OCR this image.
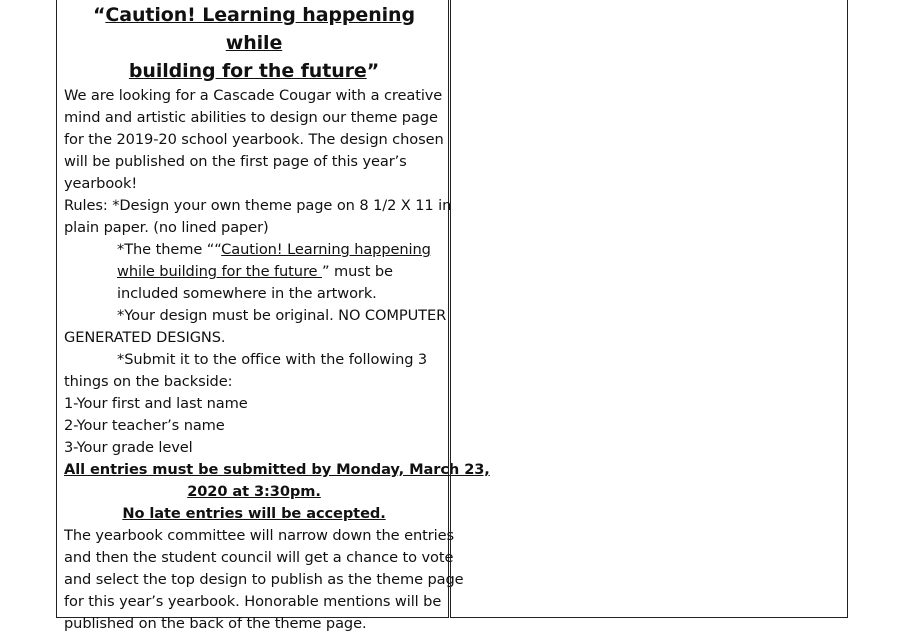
“Caution! Learning happening while
building for the future”
We are looking for a Cascade Cougar with a creative
mind and artistic abilities to design our theme page
for the 2019-20 school yearbook. The design chosen
will be published on the first page of this year’s
yearbook!
Rules: *Design your own theme page on 8 1/2 X 11 in
plain paper. (no lined paper)
*The theme ““Caution! Learning happening
while building for the future ” must be
included somewhere in the artwork.
*Your design must be original. NO COMPUTER
GENERATED DESIGNS.
*Submit it to the office with the following 3
things on the backside:
1-Your first and last name
2-Your teacher’s name
3-Your grade level
All entries must be submitted by Monday, March 23,
2020 at 3:30pm.
No late entries will be accepted.
The yearbook committee will narrow down the entries
and then the student council will get a chance to vote
and select the top design to publish as the theme page
for this year’s yearbook. Honorable mentions will be
published on the back of the theme page.
